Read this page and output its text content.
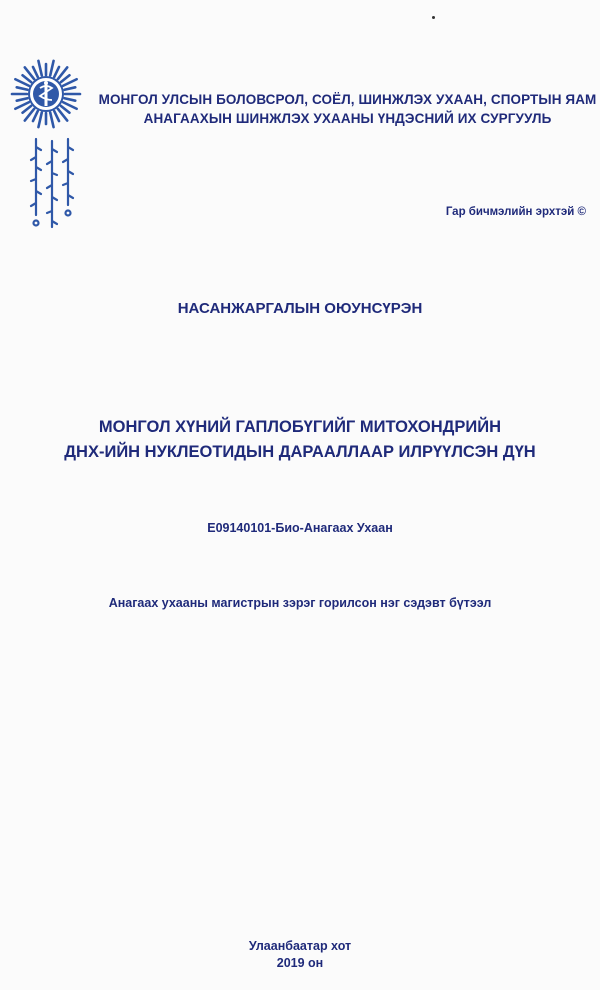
МОНГОЛ УЛСЫН БОЛОВСРОЛ, СОЁЛ, ШИНЖЛЭХ УХААН, СПОРТЫН ЯАМ
АНАГААХЫН ШИНЖЛЭХ УХААНЫ ҮНДЭСНИЙ ИХ СУРГУУЛЬ
Гар бичмэлийн эрхтэй ©
НАСАНЖАРГАЛЫН ОЮУНСҮРЭН
МОНГОЛ ХҮНИЙ ГАПЛОБҮГИЙГ МИТОХОНДРИЙН
ДНХ-ИЙН НУКЛЕОТИДЫН ДАРААЛЛААР ИЛРҮҮЛСЭН ДҮН
Е09140101-Био-Анагаах Ухаан
Анагаах ухааны магистрын зэрэг горилсон нэг сэдэвт бүтээл
Улаанбаатар хот
2019 он
